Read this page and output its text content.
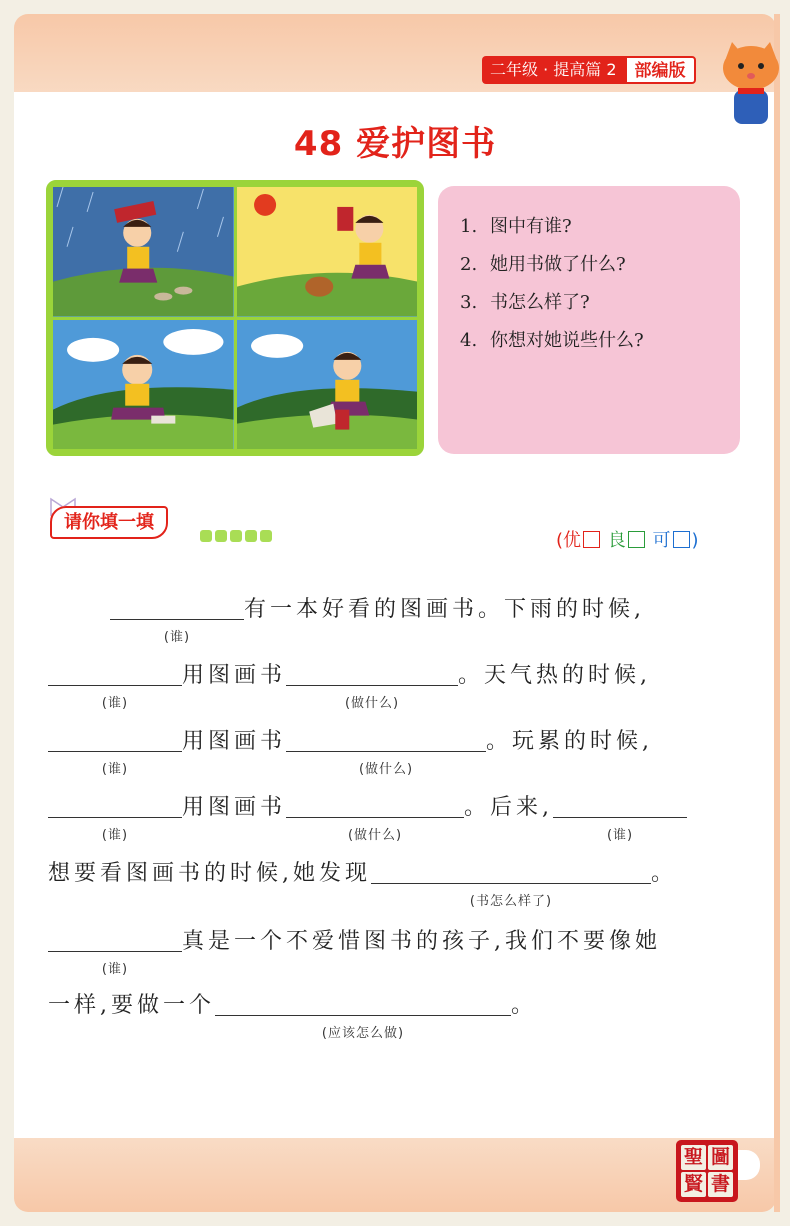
二年级 · 提高篇 2	部编版
48 爱护图书
1. 图中有谁?
2. 她用书做了什么?
3. 书怎么样了?
4. 你想对她说些什么?
请你填一填
(优 良 可 )
(谁)
有一本好看的图画书。下雨的时候,
(谁)
用图画书
(做什么)
。天气热的时候,
(谁)
用图画书
(做什么)
。玩累的时候,
(谁)
用图画书
(做什么)
。后来,
(谁)
想要看图画书的时候,她发现
(书怎么样了)
。
(谁)
真是一个不爱惜图书的孩子,我们不要像她
一样,要做一个
(应该怎么做)
。
聖 圖
賢 書
